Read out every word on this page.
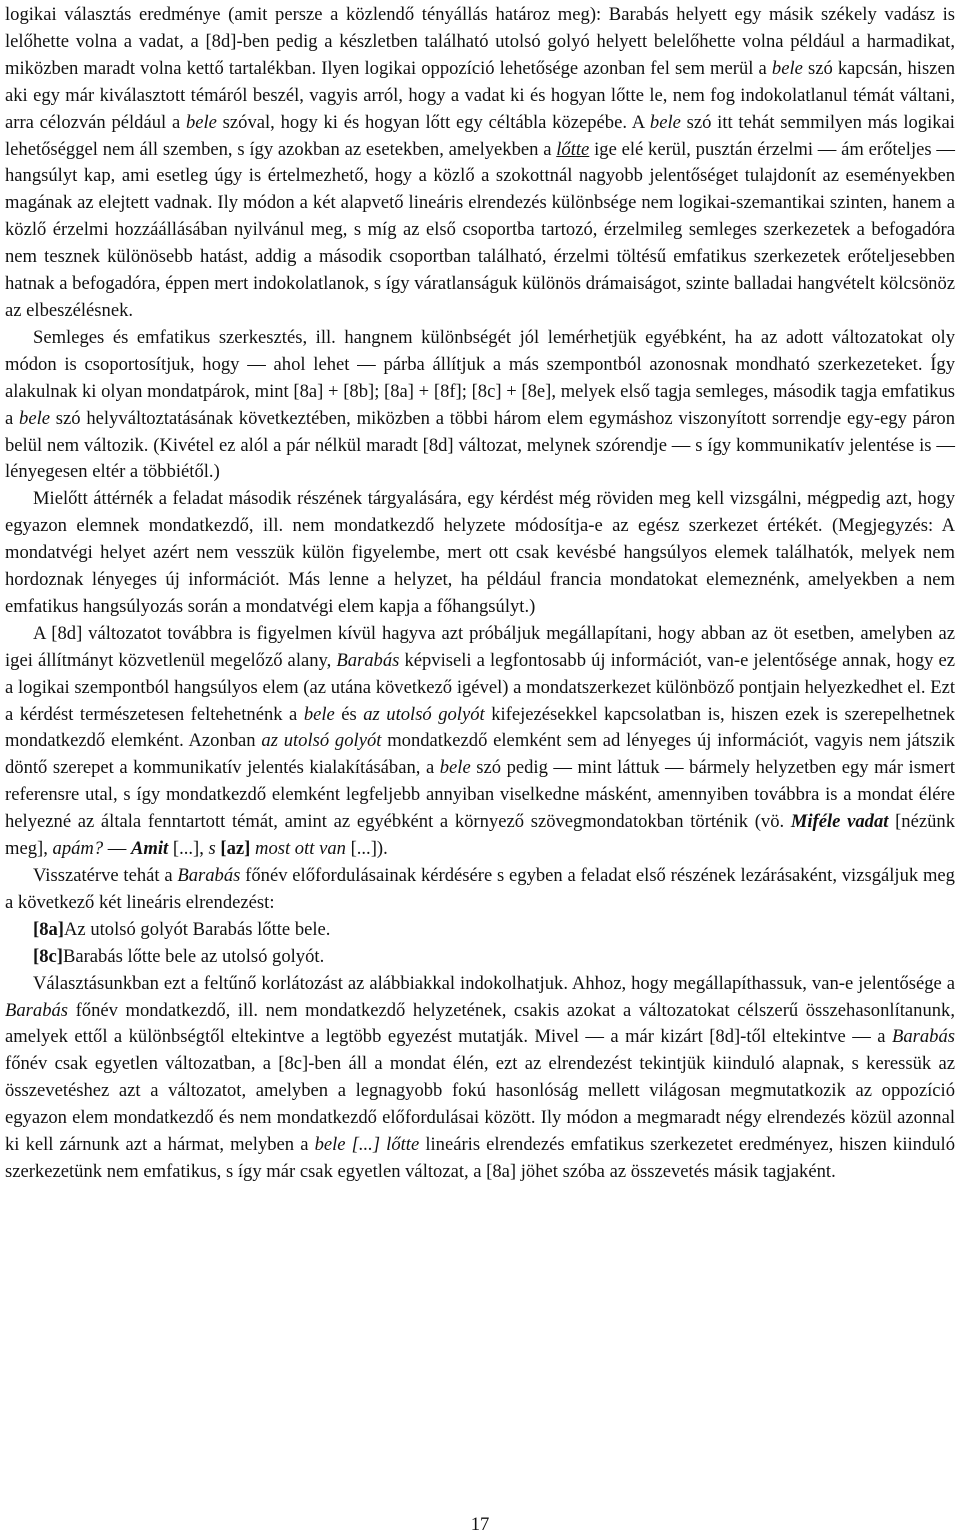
logikai választás eredménye (amit persze a közlendő tényállás határoz meg): Barabás helyett egy másik székely vadász is lelőhette volna a vadat, a [8d]-ben pedig a készletben található utolsó golyó helyett belelőhette volna például a harmadikat, miközben maradt volna kettő tartalékban. Ilyen logikai oppozíció lehetősége azonban fel sem merül a bele szó kapcsán, hiszen aki egy már kiválasztott témáról beszél, vagyis arról, hogy a vadat ki és hogyan lőtte le, nem fog indokolatlanul témát váltani, arra célozván például a bele szóval, hogy ki és hogyan lőtt egy céltábla közepébe. A bele szó itt tehát semmilyen más logikai lehetőséggel nem áll szemben, s így azokban az esetekben, amelyekben a lőtte ige elé kerül, pusztán érzelmi — ám erőteljes — hangsúlyt kap, ami esetleg úgy is értelmezhető, hogy a közlő a szokottnál nagyobb jelentőséget tulajdonít az eseményekben magának az elejtett vadnak. Ily módon a két alapvető lineáris elrendezés különbsége nem logikai-szemantikai szinten, hanem a közlő érzelmi hozzáállásában nyilvánul meg, s míg az első csoportba tartozó, érzelmileg semleges szerkezetek a befogadóra nem tesznek különösebb hatást, addig a második csoportban található, érzelmi töltésű emfatikus szerkezetek erőteljesebben hatnak a befogadóra, éppen mert indokolatlanok, s így váratlanságuk különös drámaiságot, szinte balladai hangvételt kölcsönöz az elbeszélésnek.

Semleges és emfatikus szerkesztés, ill. hangnem különbségét jól lemérhetjük egyébként, ha az adott változatokat oly módon is csoportosítjuk, hogy — ahol lehet — párba állítjuk a más szempontból azonosnak mondható szerkezeteket. Így alakulnak ki olyan mondatpárok, mint [8a] + [8b]; [8a] + [8f]; [8c] + [8e], melyek első tagja semleges, második tagja emfatikus a bele szó helyváltoztatásának következtében, miközben a többi három elem egymáshoz viszonyított sorrendje egy-egy páron belül nem változik. (Kivétel ez alól a pár nélkül maradt [8d] változat, melynek szórendje — s így kommunikatív jelentése is — lényegesen eltér a többiétől.)

Mielőtt áttérnék a feladat második részének tárgyalására, egy kérdést még röviden meg kell vizsgálni, mégpedig azt, hogy egyazon elemnek mondatkezdő, ill. nem mondatkezdő helyzete módosítja-e az egész szerkezet értékét. (Megjegyzés: A mondatvégi helyet azért nem vesszük külön figyelembe, mert ott csak kevésbé hangsúlyos elemek találhatók, melyek nem hordoznak lényeges új információt. Más lenne a helyzet, ha például francia mondatokat elemeznénk, amelyekben a nem emfatikus hangsúlyozás során a mondatvégi elem kapja a főhangsúlyt.)

A [8d] változatot továbbra is figyelmen kívül hagyva azt próbáljuk megállapítani, hogy abban az öt esetben, amelyben az igei állítmányt közvetlenül megelőző alany, Barabás képviseli a legfontosabb új információt, van-e jelentősége annak, hogy ez a logikai szempontból hangsúlyos elem (az utána következő igével) a mondatszerkezet különböző pontjain helyezkedhet el. Ezt a kérdést természetesen feltehetnénk a bele és az utolsó golyót kifejezésekkel kapcsolatban is, hiszen ezek is szerepelhetnek mondatkezdő elemként. Azonban az utolsó golyót mondatkezdő elemként sem ad lényeges új információt, vagyis nem játszik döntő szerepet a kommunikatív jelentés kialakításában, a bele szó pedig — mint láttuk — bármely helyzetben egy már ismert referensre utal, s így mondatkezdő elemként legfeljebb annyiban viselkedne másként, amennyiben továbbra is a mondat élére helyezné az általa fenntartott témát, amint az egyébként a környező szövegmondatokban történik (vö. Miféle vadat [nézünk meg], apám? — Amit [...], s [az] most ott van [...]).

Visszatérve tehát a Barabás főnév előfordulásainak kérdésére s egyben a feladat első részének lezárásaként, vizsgáljuk meg a következő két lineáris elrendezést:

[8a]Az utolsó golyót Barabás lőtte bele.

[8c]Barabás lőtte bele az utolsó golyót.

Választásunkban ezt a feltűnő korlátozást az alábbiakkal indokolhatjuk. Ahhoz, hogy megállapíthassuk, van-e jelentősége a Barabás főnév mondatkezdő, ill. nem mondatkezdő helyzetének, csakis azokat a változatokat célszerű összehasonlítanunk, amelyek ettől a különbségtől eltekintve a legtöbb egyezést mutatják. Mivel — a már kizárt [8d]-től eltekintve — a Barabás főnév csak egyetlen változatban, a [8c]-ben áll a mondat élén, ezt az elrendezést tekintjük kiinduló alapnak, s keressük az összevetéshez azt a változatot, amelyben a legnagyobb fokú hasonlóság mellett világosan megmutatkozik az oppozíció egyazon elem mondatkezdő és nem mondatkezdő előfordulásai között. Ily módon a megmaradt négy elrendezés közül azonnal ki kell zárnunk azt a hármat, melyben a bele [...] lőtte lineáris elrendezés emfatikus szerkezetet eredményez, hiszen kiinduló szerkezetünk nem emfatikus, s így már csak egyetlen változat, a [8a] jöhet szóba az összevetés másik tagjaként.

17
